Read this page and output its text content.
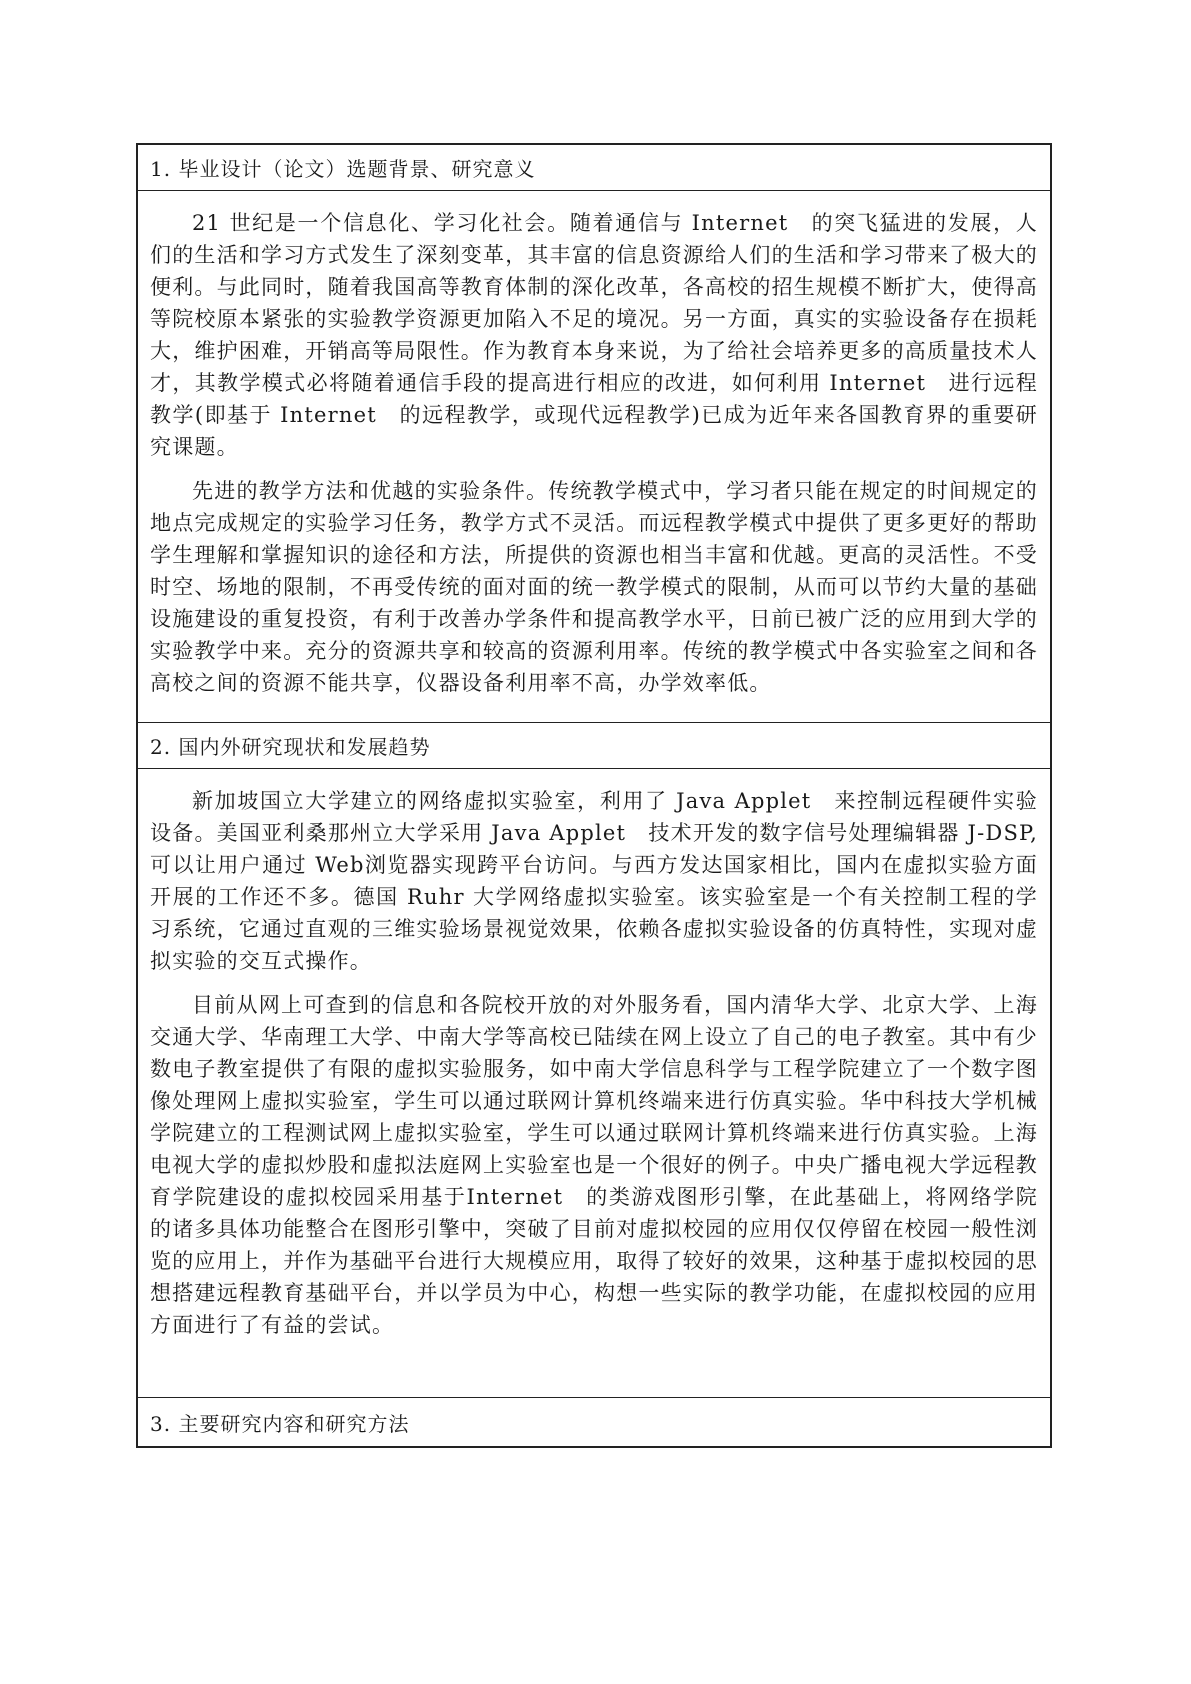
1. 毕业设计（论文）选题背景、研究意义

21 世纪是一个信息化、学习化社会。随着通信与 Internet　的突飞猛进的发展，人们的生活和学习方式发生了深刻变革，其丰富的信息资源给人们的生活和学习带来了极大的便利。与此同时，随着我国高等教育体制的深化改革，各高校的招生规模不断扩大，使得高等院校原本紧张的实验教学资源更加陷入不足的境况。另一方面，真实的实验设备存在损耗大，维护困难，开销高等局限性。作为教育本身来说，为了给社会培养更多的高质量技术人才，其教学模式必将随着通信手段的提高进行相应的改进，如何利用 Internet　进行远程教学(即基于 Internet　的远程教学，或现代远程教学)已成为近年来各国教育界的重要研究课题。

先进的教学方法和优越的实验条件。传统教学模式中，学习者只能在规定的时间规定的地点完成规定的实验学习任务，教学方式不灵活。而远程教学模式中提供了更多更好的帮助学生理解和掌握知识的途径和方法，所提供的资源也相当丰富和优越。更高的灵活性。不受时空、场地的限制，不再受传统的面对面的统一教学模式的限制，从而可以节约大量的基础设施建设的重复投资，有利于改善办学条件和提高教学水平，日前已被广泛的应用到大学的实验教学中来。充分的资源共享和较高的资源利用率。传统的教学模式中各实验室之间和各高校之间的资源不能共享，仪器设备利用率不高，办学效率低。

2. 国内外研究现状和发展趋势

新加坡国立大学建立的网络虚拟实验室，利用了 Java Applet　来控制远程硬件实验设备。美国亚利桑那州立大学采用 Java Applet　技术开发的数字信号处理编辑器 J-DSP, 可以让用户通过 Web浏览器实现跨平台访问。与西方发达国家相比，国内在虚拟实验方面开展的工作还不多。德国 Ruhr 大学网络虚拟实验室。该实验室是一个有关控制工程的学习系统，它通过直观的三维实验场景视觉效果，依赖各虚拟实验设备的仿真特性，实现对虚拟实验的交互式操作。

目前从网上可查到的信息和各院校开放的对外服务看，国内清华大学、北京大学、上海交通大学、华南理工大学、中南大学等高校已陆续在网上设立了自己的电子教室。其中有少数电子教室提供了有限的虚拟实验服务，如中南大学信息科学与工程学院建立了一个数字图像处理网上虚拟实验室，学生可以通过联网计算机终端来进行仿真实验。华中科技大学机械学院建立的工程测试网上虚拟实验室，学生可以通过联网计算机终端来进行仿真实验。上海电视大学的虚拟炒股和虚拟法庭网上实验室也是一个很好的例子。中央广播电视大学远程教育学院建设的虚拟校园采用基于Internet　的类游戏图形引擎，在此基础上，将网络学院的诸多具体功能整合在图形引擎中，突破了目前对虚拟校园的应用仅仅停留在校园一般性浏览的应用上，并作为基础平台进行大规模应用，取得了较好的效果，这种基于虚拟校园的思想搭建远程教育基础平台，并以学员为中心，构想一些实际的教学功能，在虚拟校园的应用方面进行了有益的尝试。

3. 主要研究内容和研究方法
